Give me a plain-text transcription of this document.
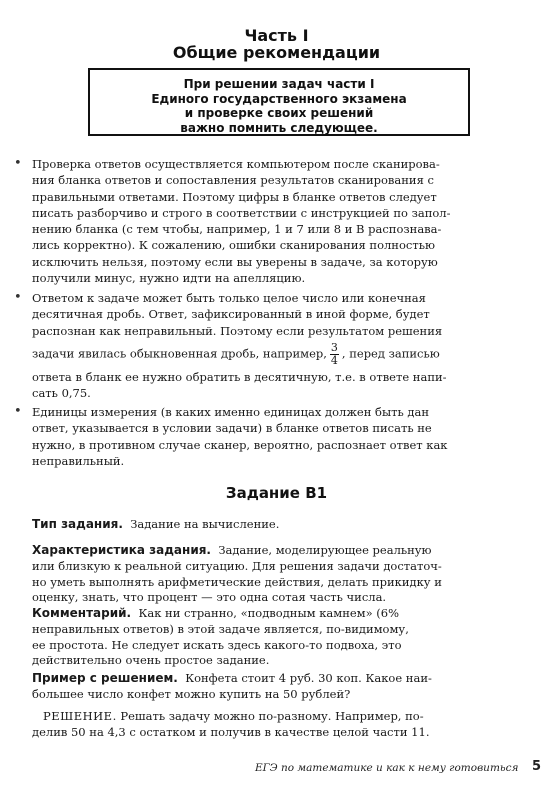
Часть I
Общие рекомендации
При решении задач части I
Единого государственного экзамена
и проверке своих решений
важно помнить следующее.
• Проверка ответов осуществляется компьютером после сканирова-
ния бланка ответов и сопоставления результатов сканирования с
правильными ответами. Поэтому цифры в бланке ответов следует
писать разборчиво и строго в соответствии с инструкцией по запол-
нению бланка (с тем чтобы, например, 1 и 7 или 8 и В распознава-
лись корректно). К сожалению, ошибки сканирования полностью
исключить нельзя, поэтому если вы уверены в задаче, за которую
получили минус, нужно идти на апелляцию.
• Ответом к задаче может быть только целое число или конечная
десятичная дробь. Ответ, зафиксированный в иной форме, будет
распознан как неправильный. Поэтому если результатом решения
задачи явилась обыкновенная дробь, например, $\frac{3}{4}$ , перед записью
ответа в бланк ее нужно обратить в десятичную, т.е. в ответе напи-
сать 0,75.
• Единицы измерения (в каких именно единицах должен быть дан
ответ, указывается в условии задачи) в бланке ответов писать не
нужно, в противном случае сканер, вероятно, распознает ответ как
неправильный.
Задание B1
Тип задания. Задание на вычисление.
Характеристика задания. Задание, моделирующее реальную
или близкую к реальной ситуацию. Для решения задачи достаточ-
но уметь выполнять арифметические действия, делать прикидку и
оценку, знать, что процент — это одна сотая часть числа.
Комментарий. Как ни странно, «подводным камнем» (6%
неправильных ответов) в этой задаче является, по-видимому,
ее простота. Не следует искать здесь какого-то подвоха, это
действительно очень простое задание.
Пример с решением. Конфета стоит 4 руб. 30 коп. Какое наи-
большее число конфет можно купить на 50 рублей?
РЕШЕНИЕ. Решать задачу можно по-разному. Например, по-
делив 50 на 4,3 с остатком и получив в качестве целой части 11.
ЕГЭ по математике и как к нему готовиться	5
